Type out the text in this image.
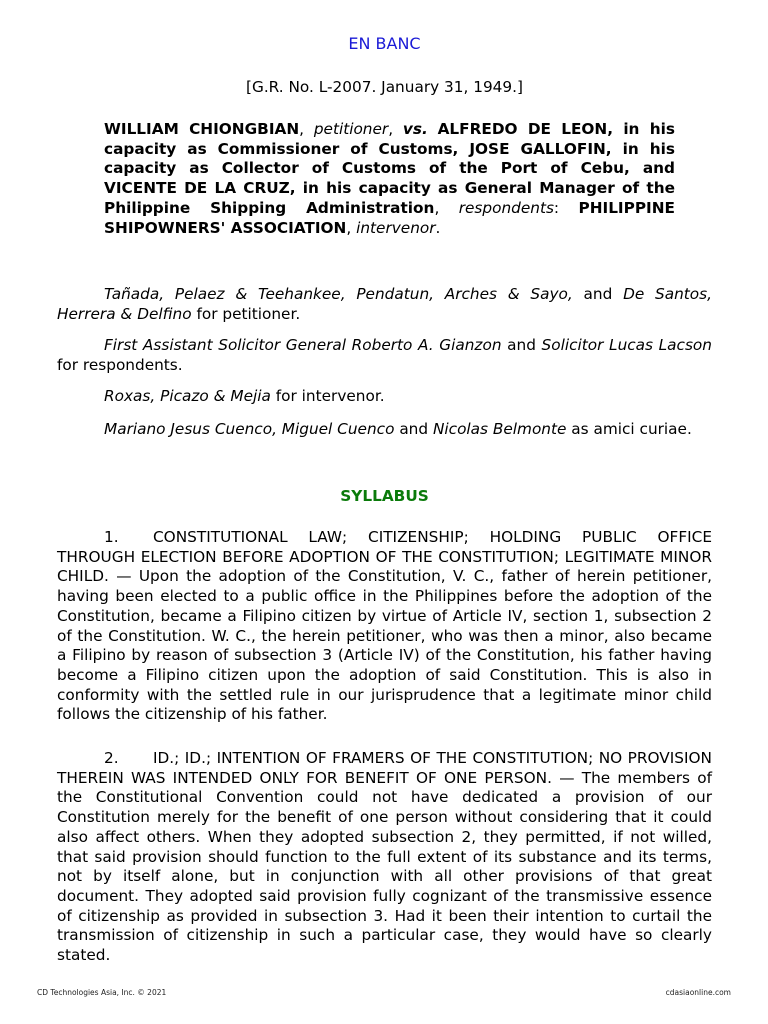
EN BANC
[G.R. No. L-2007. January 31, 1949.]
WILLIAM CHIONGBIAN, petitioner, vs. ALFREDO DE LEON, in his capacity as Commissioner of Customs, JOSE GALLOFIN, in his capacity as Collector of Customs of the Port of Cebu, and VICENTE DE LA CRUZ, in his capacity as General Manager of the Philippine Shipping Administration, respondents: PHILIPPINE SHIPOWNERS' ASSOCIATION, intervenor.
Tañada, Pelaez & Teehankee, Pendatun, Arches & Sayo, and De Santos, Herrera & Delfino for petitioner.
First Assistant Solicitor General Roberto A. Gianzon and Solicitor Lucas Lacson for respondents.
Roxas, Picazo & Mejia for intervenor.
Mariano Jesus Cuenco, Miguel Cuenco and Nicolas Belmonte as amici curiae.
SYLLABUS
1. CONSTITUTIONAL LAW; CITIZENSHIP; HOLDING PUBLIC OFFICE THROUGH ELECTION BEFORE ADOPTION OF THE CONSTITUTION; LEGITIMATE MINOR CHILD. — Upon the adoption of the Constitution, V. C., father of herein petitioner, having been elected to a public office in the Philippines before the adoption of the Constitution, became a Filipino citizen by virtue of Article IV, section 1, subsection 2 of the Constitution. W. C., the herein petitioner, who was then a minor, also became a Filipino by reason of subsection 3 (Article IV) of the Constitution, his father having become a Filipino citizen upon the adoption of said Constitution. This is also in conformity with the settled rule in our jurisprudence that a legitimate minor child follows the citizenship of his father.
2. ID.; ID.; INTENTION OF FRAMERS OF THE CONSTITUTION; NO PROVISION THEREIN WAS INTENDED ONLY FOR BENEFIT OF ONE PERSON. — The members of the Constitutional Convention could not have dedicated a provision of our Constitution merely for the benefit of one person without considering that it could also affect others. When they adopted subsection 2, they permitted, if not willed, that said provision should function to the full extent of its substance and its terms, not by itself alone, but in conjunction with all other provisions of that great document. They adopted said provision fully cognizant of the transmissive essence of citizenship as provided in subsection 3. Had it been their intention to curtail the transmission of citizenship in such a particular case, they would have so clearly stated.
CD Technologies Asia, Inc. © 2021	cdasiaonline.com
